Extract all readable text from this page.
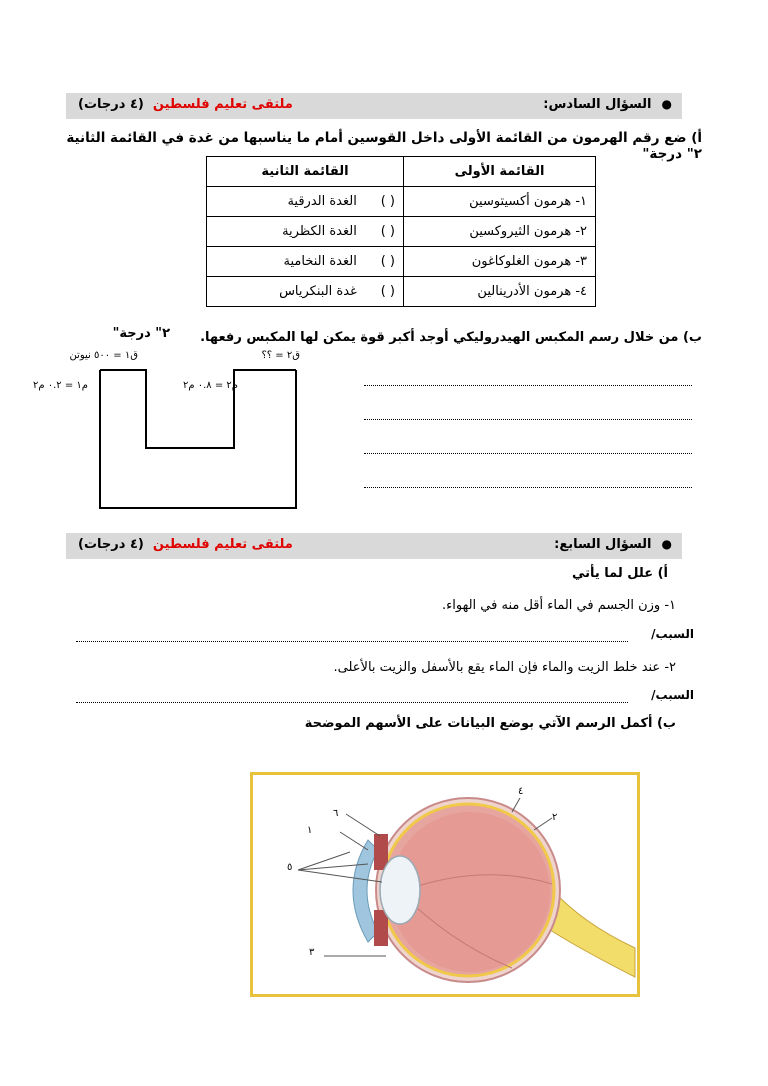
●السؤال السادس:
ملتقى تعليم فلسطين  (٤ درجات)
أ) ضع رقم الهرمون من القائمة الأولى داخل القوسين أمام ما يناسبها من غدة في القائمة الثانية ٢" درجة"
القائمة الأولى	القائمة الثانية
١- هرمون أكسيتوسين	( ) الغدة الدرقية
٢- هرمون الثيروكسين	( ) الغدة الكظرية
٣- هرمون الغلوكاغون	( ) الغدة النخامية
٤- هرمون الأدرينالين	( ) غدة البنكرياس
ب) من خلال رسم المكبس الهيدروليكي أوجد أكبر قوة يمكن لها المكبس رفعها.
٢" درجة"
ق١ = ٥٠٠ نيوتن	ق٢ = ؟؟
م١ = ٠.٢ م٢	م٢ = ٠.٨ م٢
●السؤال السابع:
ملتقى تعليم فلسطين  (٤ درجات)
أ) علل لما يأتي
١- وزن الجسم في الماء أقل منه في الهواء.
السبب/
٢- عند خلط الزيت والماء فإن الماء يقع بالأسفل والزيت بالأعلى.
السبب/
ب) أكمل الرسم الآتي بوضع البيانات على الأسهم الموضحة
١
٦
٤
٢
٥
٣
